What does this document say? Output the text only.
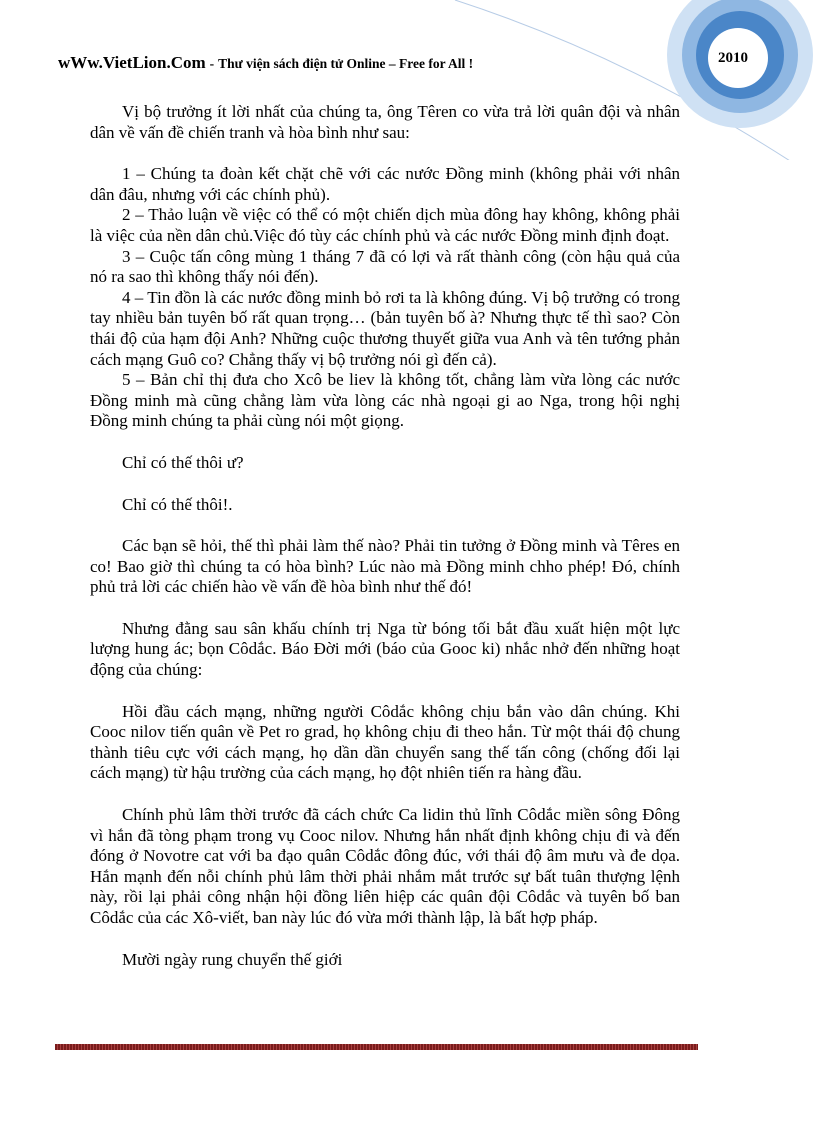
wWw.VietLion.Com - Thư viện sách điện tử Online – Free for All !	2010

Vị bộ trưởng ít lời nhất của chúng ta, ông Têren co vừa trả lời quân đội và nhân dân về vấn đề chiến tranh và hòa bình như sau:

1 – Chúng ta đoàn kết chặt chẽ với các nước Đồng minh (không phải với nhân dân đâu, nhưng với các chính phủ).

2 – Thảo luận về việc có thể có một chiến dịch mùa đông hay không, không phải là việc của nền dân chủ.Việc đó tùy các chính phủ và các nước Đồng minh định đoạt.

3 – Cuộc tấn công mùng 1 tháng 7 đã có lợi và rất thành công (còn hậu quả của nó ra sao thì không thấy nói đến).

4 – Tin đồn là các nước đồng minh bỏ rơi ta là không đúng. Vị bộ trưởng có trong tay nhiều bản tuyên bố rất quan trọng… (bản tuyên bố à? Nhưng thực tế thì sao? Còn thái độ của hạm đội Anh? Những cuộc thương thuyết giữa vua Anh và tên tướng phản cách mạng Guô co? Chẳng thấy vị bộ trưởng nói gì đến cả).

5 – Bản chỉ thị đưa cho Xcô be liev là không tốt, chẳng làm vừa lòng các nước Đồng minh mà cũng chẳng làm vừa lòng các nhà ngoại gi ao Nga, trong hội nghị Đồng minh chúng ta phải cùng nói một giọng.

Chỉ có thế thôi ư?

Chỉ có thế thôi!.

Các bạn sẽ hỏi, thế thì phải làm thế nào? Phải tin tưởng ở Đồng minh và Têres en co! Bao giờ thì chúng ta có hòa bình? Lúc nào mà Đồng minh chho phép! Đó, chính phủ trả lời các chiến hào về vấn đề hòa bình như thế đó!

Nhưng đằng sau sân khấu chính trị Nga từ bóng tối bắt đầu xuất hiện một lực lượng hung ác; bọn Côdắc. Báo Đời mới (báo của Gooc ki) nhắc nhở đến những hoạt động của chúng:

Hồi đầu cách mạng, những người Côdắc không chịu bắn vào dân chúng. Khi Cooc nilov tiến quân về Pet ro grad, họ không chịu đi theo hắn. Từ một thái độ chung thành tiêu cực với cách mạng, họ dần dần chuyển sang thế tấn công (chống đối lại cách mạng) từ hậu trường của cách mạng, họ đột nhiên tiến ra hàng đầu.

Chính phủ lâm thời trước đã cách chức Ca lidin thủ lĩnh Côdắc miền sông Đông vì hắn đã tòng phạm trong vụ Cooc nilov. Nhưng hắn nhất định không chịu đi và đến đóng ở Novotre cat với ba đạo quân Côdắc đông đúc, với thái độ âm mưu và đe dọa. Hắn mạnh đến nỗi chính phủ lâm thời phải nhắm mắt trước sự bất tuân thượng lệnh này, rồi lại phải công nhận hội đồng liên hiệp các quân đội Côdắc và tuyên bố ban Côdắc của các Xô-viết, ban này lúc đó vừa mới thành lập, là bất hợp pháp.

Mười ngày rung chuyển thế giới
